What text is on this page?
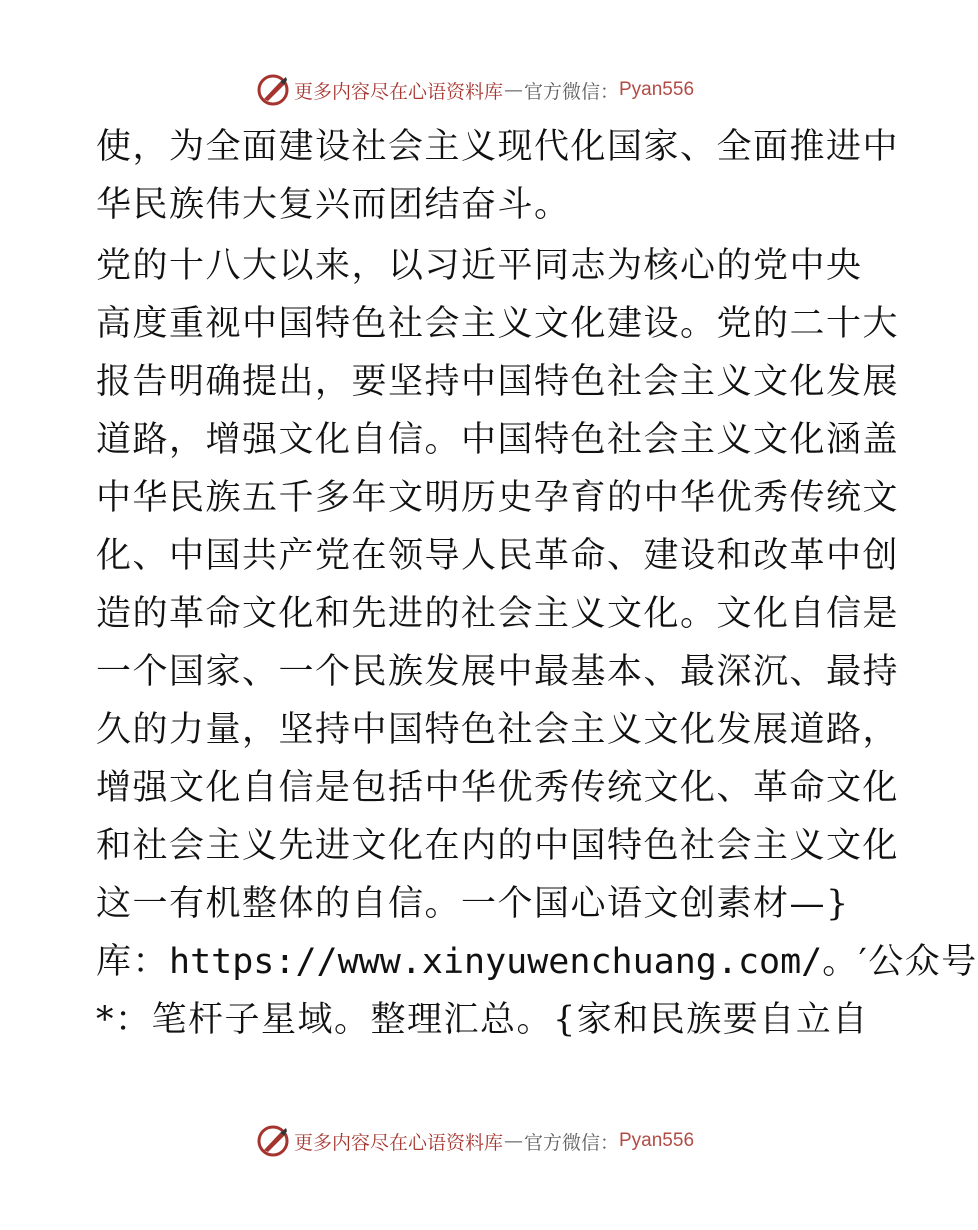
更多内容尽在心语资料库 — 官方微信： Pyan556
使，为全面建设社会主义现代化国家、全面推进中
华民族伟大复兴而团结奋斗。
党的十八大以来，以习近平同志为核心的党中央
高度重视中国特色社会主义文化建设。党的二十大
报告明确提出，要坚持中国特色社会主义文化发展
道路，增强文化自信。中国特色社会主义文化涵盖
中华民族五千多年文明历史孕育的中华优秀传统文
化、中国共产党在领导人民革命、建设和改革中创
造的革命文化和先进的社会主义文化。文化自信是
一个国家、一个民族发展中最基本、最深沉、最持
久的力量，坚持中国特色社会主义文化发展道路，
增强文化自信是包括中华优秀传统文化、革命文化
和社会主义先进文化在内的中国特色社会主义文化
这一有机整体的自信。一个国心语文创素材—}
库：https://www.xinyuwenchuang.com/。′公众号
*：笔杆子星域。整理汇总。{家和民族要自立自
更多内容尽在心语资料库 — 官方微信： Pyan556
